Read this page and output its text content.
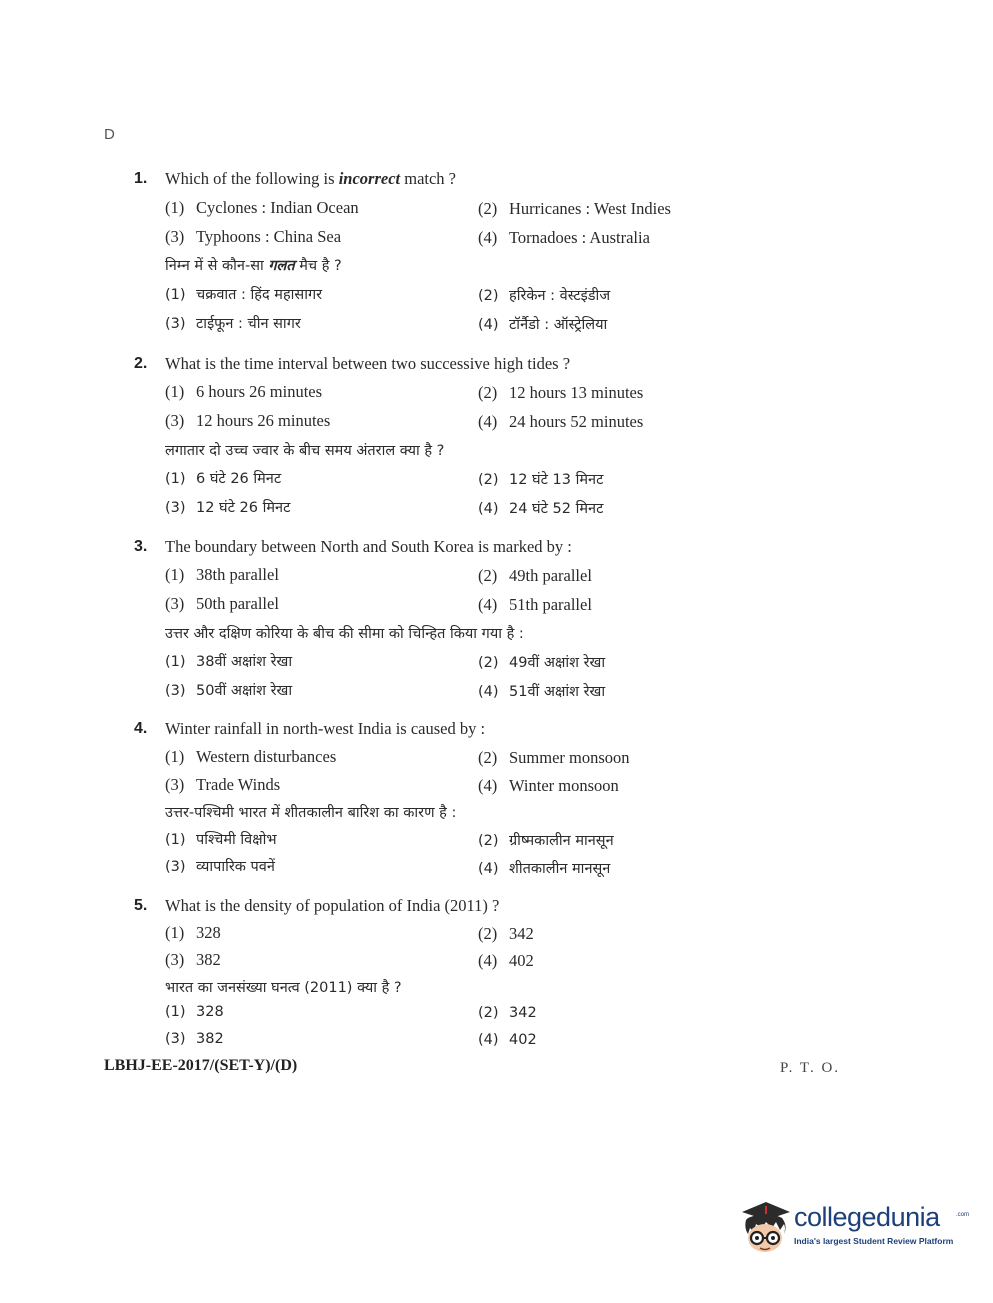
D
1. Which of the following is incorrect match ?
(1) Cyclones : Indian Ocean	(2) Hurricanes : West Indies
(3) Typhoons : China Sea	(4) Tornadoes : Australia
निम्न में से कौन-सा गलत मैच है ?
(1) चक्रवात : हिंद महासागर	(2) हरिकेन : वेस्टइंडीज
(3) टाईफून : चीन सागर	(4) टॉर्नैडो : ऑस्ट्रेलिया
2. What is the time interval between two successive high tides ?
(1) 6 hours 26 minutes	(2) 12 hours 13 minutes
(3) 12 hours 26 minutes	(4) 24 hours 52 minutes
लगातार दो उच्च ज्वार के बीच समय अंतराल क्या है ?
(1) 6 घंटे 26 मिनट	(2) 12 घंटे 13 मिनट
(3) 12 घंटे 26 मिनट	(4) 24 घंटे 52 मिनट
3. The boundary between North and South Korea is marked by :
(1) 38th parallel	(2) 49th parallel
(3) 50th parallel	(4) 51th parallel
उत्तर और दक्षिण कोरिया के बीच की सीमा को चिन्हित किया गया है :
(1) 38वीं अक्षांश रेखा	(2) 49वीं अक्षांश रेखा
(3) 50वीं अक्षांश रेखा	(4) 51वीं अक्षांश रेखा
4. Winter rainfall in north-west India is caused by :
(1) Western disturbances	(2) Summer monsoon
(3) Trade Winds	(4) Winter monsoon
उत्तर-पश्चिमी भारत में शीतकालीन बारिश का कारण है :
(1) पश्चिमी विक्षोभ	(2) ग्रीष्मकालीन मानसून
(3) व्यापारिक पवनें	(4) शीतकालीन मानसून
5. What is the density of population of India (2011) ?
(1) 328	(2) 342
(3) 382	(4) 402
भारत का जनसंख्या घनत्व (2011) क्या है ?
(1) 328	(2) 342
(3) 382	(4) 402
LBHJ-EE-2017/(SET-Y)/(D)	P. T. O.
collegedunia	.com
India's largest Student Review Platform
